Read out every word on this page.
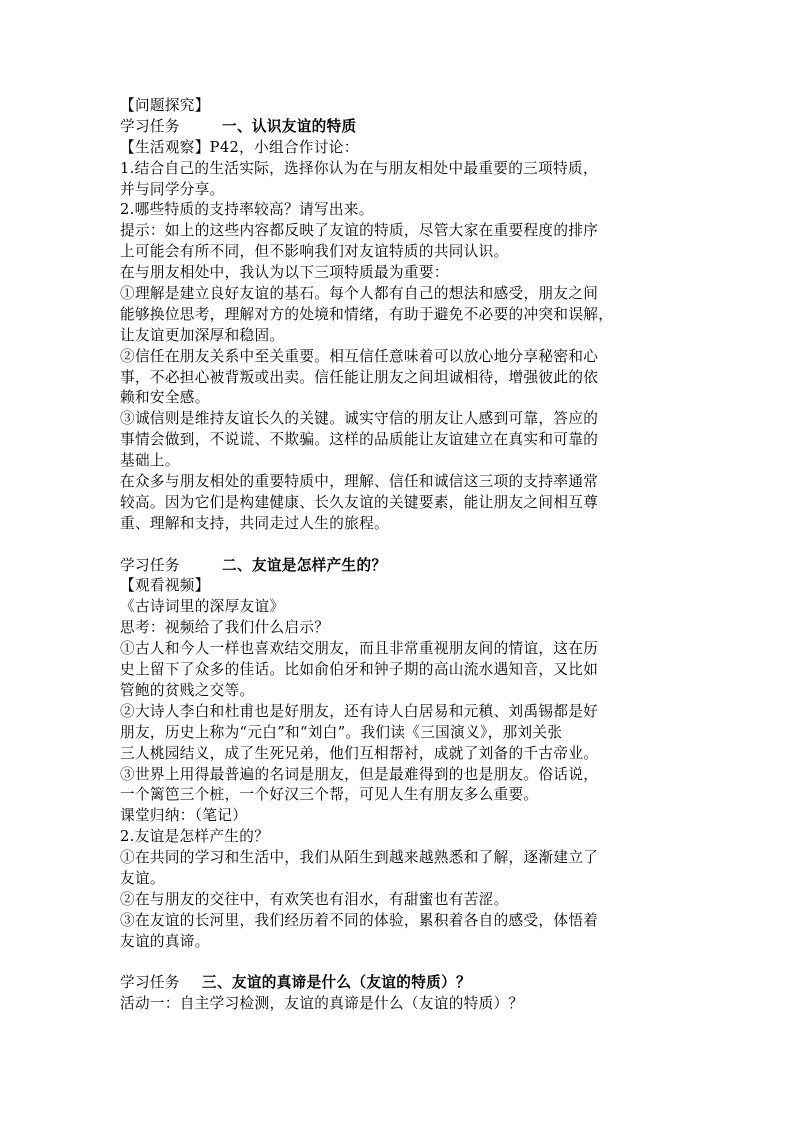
【问题探究】
学习任务	一、认识友谊的特质
【生活观察】P42，小组合作讨论：
1.结合自己的生活实际，选择你认为在与朋友相处中最重要的三项特质，
并与同学分享。
2.哪些特质的支持率较高？请写出来。
提示：如上的这些内容都反映了友谊的特质，尽管大家在重要程度的排序
上可能会有所不同，但不影响我们对友谊特质的共同认识。
在与朋友相处中，我认为以下三项特质最为重要：
①理解是建立良好友谊的基石。每个人都有自己的想法和感受，朋友之间
能够换位思考，理解对方的处境和情绪，有助于避免不必要的冲突和误解，
让友谊更加深厚和稳固。
②信任在朋友关系中至关重要。相互信任意味着可以放心地分享秘密和心
事，不必担心被背叛或出卖。信任能让朋友之间坦诚相待，增强彼此的依
赖和安全感。
③诚信则是维持友谊长久的关键。诚实守信的朋友让人感到可靠，答应的
事情会做到，不说谎、不欺骗。这样的品质能让友谊建立在真实和可靠的
基础上。
在众多与朋友相处的重要特质中，理解、信任和诚信这三项的支持率通常
较高。因为它们是构建健康、长久友谊的关键要素，能让朋友之间相互尊
重、理解和支持，共同走过人生的旅程。
学习任务	二、友谊是怎样产生的？
【观看视频】
《古诗词里的深厚友谊》
思考：视频给了我们什么启示？
①古人和今人一样也喜欢结交朋友，而且非常重视朋友间的情谊，这在历
史上留下了众多的佳话。比如俞伯牙和钟子期的高山流水遇知音，又比如
管鲍的贫贱之交等。
②大诗人李白和杜甫也是好朋友，还有诗人白居易和元稹、刘禹锡都是好
朋友，历史上称为“元白”和“刘白”。我们读《三国演义》，那刘关张
三人桃园结义，成了生死兄弟，他们互相帮衬，成就了刘备的千古帝业。
③世界上用得最普遍的名词是朋友，但是最难得到的也是朋友。俗话说，
一个篱笆三个桩，一个好汉三个帮，可见人生有朋友多么重要。
课堂归纳：（笔记）
2.友谊是怎样产生的？
①在共同的学习和生活中，我们从陌生到越来越熟悉和了解，逐渐建立了
友谊。
②在与朋友的交往中，有欢笑也有泪水，有甜蜜也有苦涩。
③在友谊的长河里，我们经历着不同的体验，累积着各自的感受，体悟着
友谊的真谛。
学习任务 三、友谊的真谛是什么（友谊的特质）？
活动一：自主学习检测，友谊的真谛是什么（友谊的特质）？
